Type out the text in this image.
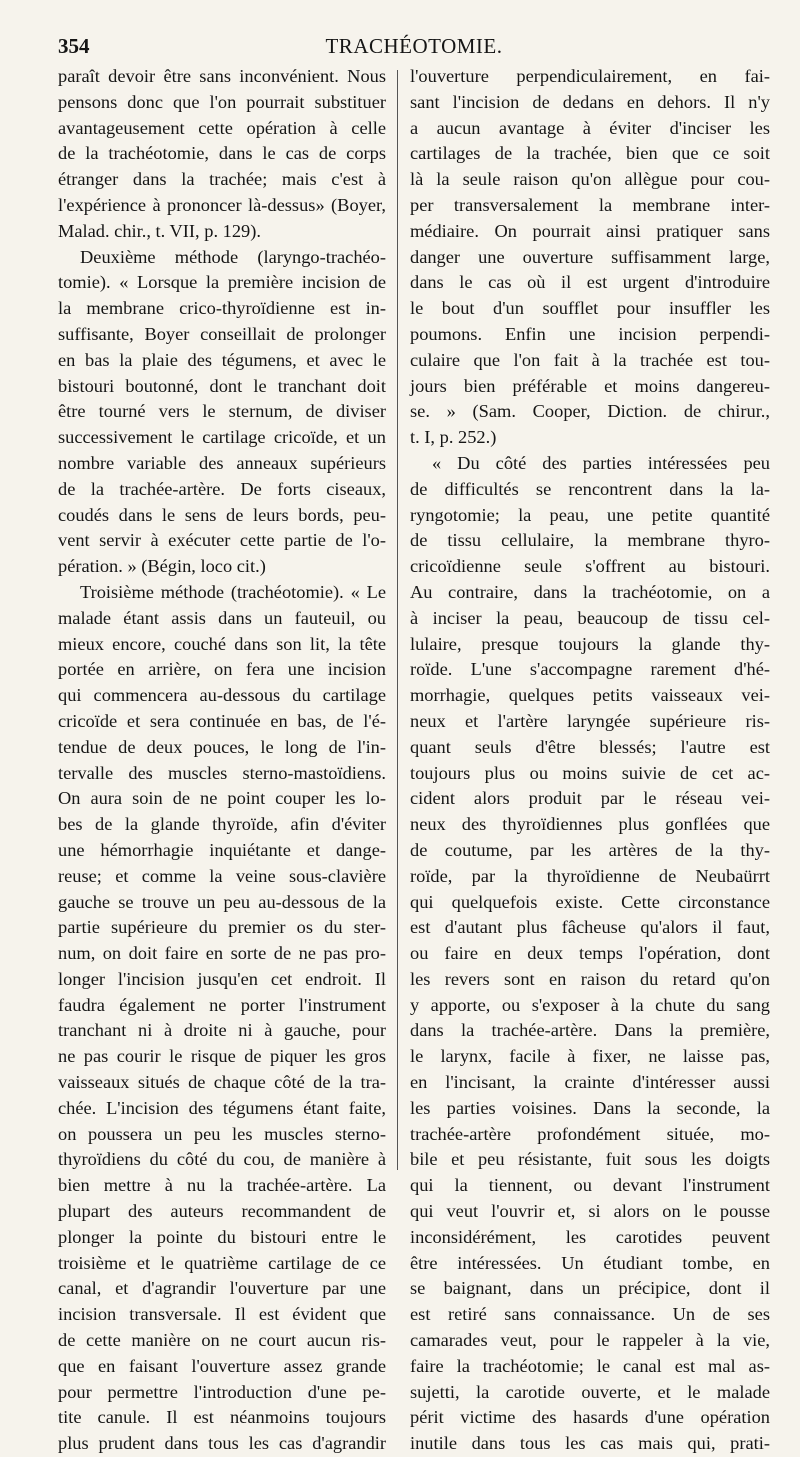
354	TRACHÉOTOMIE.
paraît devoir être sans inconvénient. Nous
pensons donc que l'on pourrait substituer
avantageusement cette opération à celle
de la trachéotomie, dans le cas de corps
étranger dans la trachée; mais c'est à
l'expérience à prononcer là-dessus» (Boyer,
Malad. chir., t. VII, p. 129).
Deuxième méthode (laryngo-trachéo-
tomie). « Lorsque la première incision de
la membrane crico-thyroïdienne est in-
suffisante, Boyer conseillait de prolonger
en bas la plaie des tégumens, et avec le
bistouri boutonné, dont le tranchant doit
être tourné vers le sternum, de diviser
successivement le cartilage cricoïde, et un
nombre variable des anneaux supérieurs
de la trachée-artère. De forts ciseaux,
coudés dans le sens de leurs bords, peu-
vent servir à exécuter cette partie de l'o-
pération. » (Bégin, loco cit.)
Troisième méthode (trachéotomie). « Le
malade étant assis dans un fauteuil, ou
mieux encore, couché dans son lit, la tête
portée en arrière, on fera une incision
qui commencera au-dessous du cartilage
cricoïde et sera continuée en bas, de l'é-
tendue de deux pouces, le long de l'in-
tervalle des muscles sterno-mastoïdiens.
On aura soin de ne point couper les lo-
bes de la glande thyroïde, afin d'éviter
une hémorrhagie inquiétante et dange-
reuse; et comme la veine sous-clavière
gauche se trouve un peu au-dessous de la
partie supérieure du premier os du ster-
num, on doit faire en sorte de ne pas pro-
longer l'incision jusqu'en cet endroit. Il
faudra également ne porter l'instrument
tranchant ni à droite ni à gauche, pour
ne pas courir le risque de piquer les gros
vaisseaux situés de chaque côté de la tra-
chée. L'incision des tégumens étant faite,
on poussera un peu les muscles sterno-
thyroïdiens du côté du cou, de manière à
bien mettre à nu la trachée-artère. La
plupart des auteurs recommandent de
plonger la pointe du bistouri entre le
troisième et le quatrième cartilage de ce
canal, et d'agrandir l'ouverture par une
incision transversale. Il est évident que
de cette manière on ne court aucun ris-
que en faisant l'ouverture assez grande
pour permettre l'introduction d'une pe-
tite canule. Il est néanmoins toujours
plus prudent dans tous les cas d'agrandir
l'ouverture perpendiculairement, en fai-
sant l'incision de dedans en dehors. Il n'y
a aucun avantage à éviter d'inciser les
cartilages de la trachée, bien que ce soit
là la seule raison qu'on allègue pour cou-
per transversalement la membrane inter-
médiaire. On pourrait ainsi pratiquer sans
danger une ouverture suffisamment large,
dans le cas où il est urgent d'introduire
le bout d'un soufflet pour insuffler les
poumons. Enfin une incision perpendi-
culaire que l'on fait à la trachée est tou-
jours bien préférable et moins dangereu-
se. » (Sam. Cooper, Diction. de chirur.,
t. I, p. 252.)
« Du côté des parties intéressées peu
de difficultés se rencontrent dans la la-
ryngotomie; la peau, une petite quantité
de tissu cellulaire, la membrane thyro-
cricoïdienne seule s'offrent au bistouri.
Au contraire, dans la trachéotomie, on a
à inciser la peau, beaucoup de tissu cel-
lulaire, presque toujours la glande thy-
roïde. L'une s'accompagne rarement d'hé-
morrhagie, quelques petits vaisseaux vei-
neux et l'artère laryngée supérieure ris-
quant seuls d'être blessés; l'autre est
toujours plus ou moins suivie de cet ac-
cident alors produit par le réseau vei-
neux des thyroïdiennes plus gonflées que
de coutume, par les artères de la thy-
roïde, par la thyroïdienne de Neubaürrt
qui quelquefois existe. Cette circonstance
est d'autant plus fâcheuse qu'alors il faut,
ou faire en deux temps l'opération, dont
les revers sont en raison du retard qu'on
y apporte, ou s'exposer à la chute du sang
dans la trachée-artère. Dans la première,
le larynx, facile à fixer, ne laisse pas,
en l'incisant, la crainte d'intéresser aussi
les parties voisines. Dans la seconde, la
trachée-artère profondément située, mo-
bile et peu résistante, fuit sous les doigts
qui la tiennent, ou devant l'instrument
qui veut l'ouvrir et, si alors on le pousse
inconsidérément, les carotides peuvent
être intéressées. Un étudiant tombe, en
se baignant, dans un précipice, dont il
est retiré sans connaissance. Un de ses
camarades veut, pour le rappeler à la vie,
faire la trachéotomie; le canal est mal as-
sujetti, la carotide ouverte, et le malade
périt victime des hasards d'une opération
inutile dans tous les cas mais qui, prati-
